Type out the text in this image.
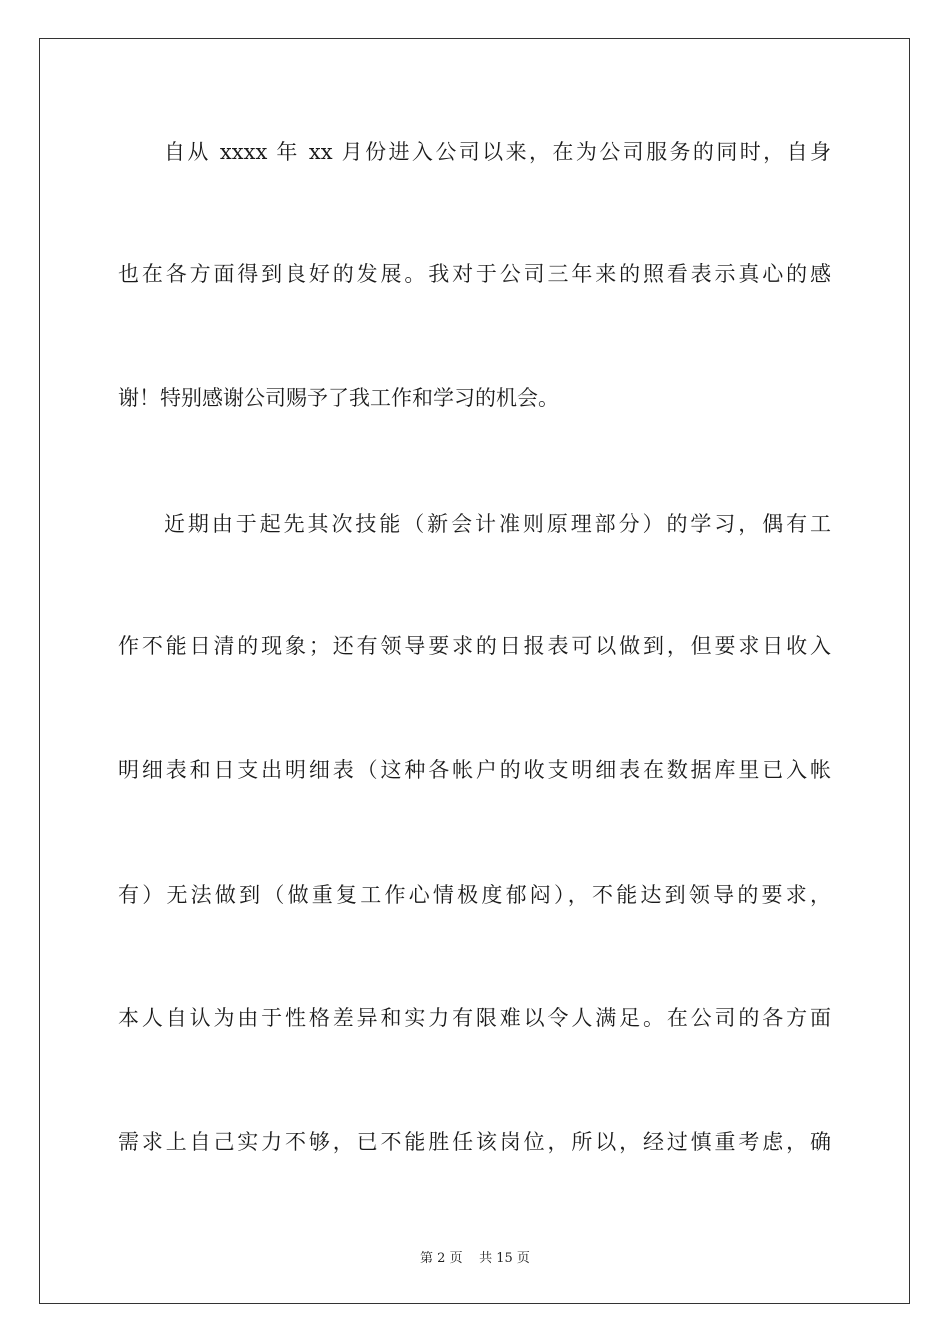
自从 xxxx 年 xx 月份进入公司以来，在为公司服务的同时，自身
也在各方面得到良好的发展。我对于公司三年来的照看表示真心的感
谢！特别感谢公司赐予了我工作和学习的机会。
近期由于起先其次技能（新会计准则原理部分）的学习，偶有工
作不能日清的现象；还有领导要求的日报表可以做到，但要求日收入
明细表和日支出明细表（这种各帐户的收支明细表在数据库里已入帐
有）无法做到（做重复工作心情极度郁闷），不能达到领导的要求，
本人自认为由于性格差异和实力有限难以令人满足。在公司的各方面
需求上自己实力不够，已不能胜任该岗位，所以，经过慎重考虑，确
第 2 页 共 15 页
